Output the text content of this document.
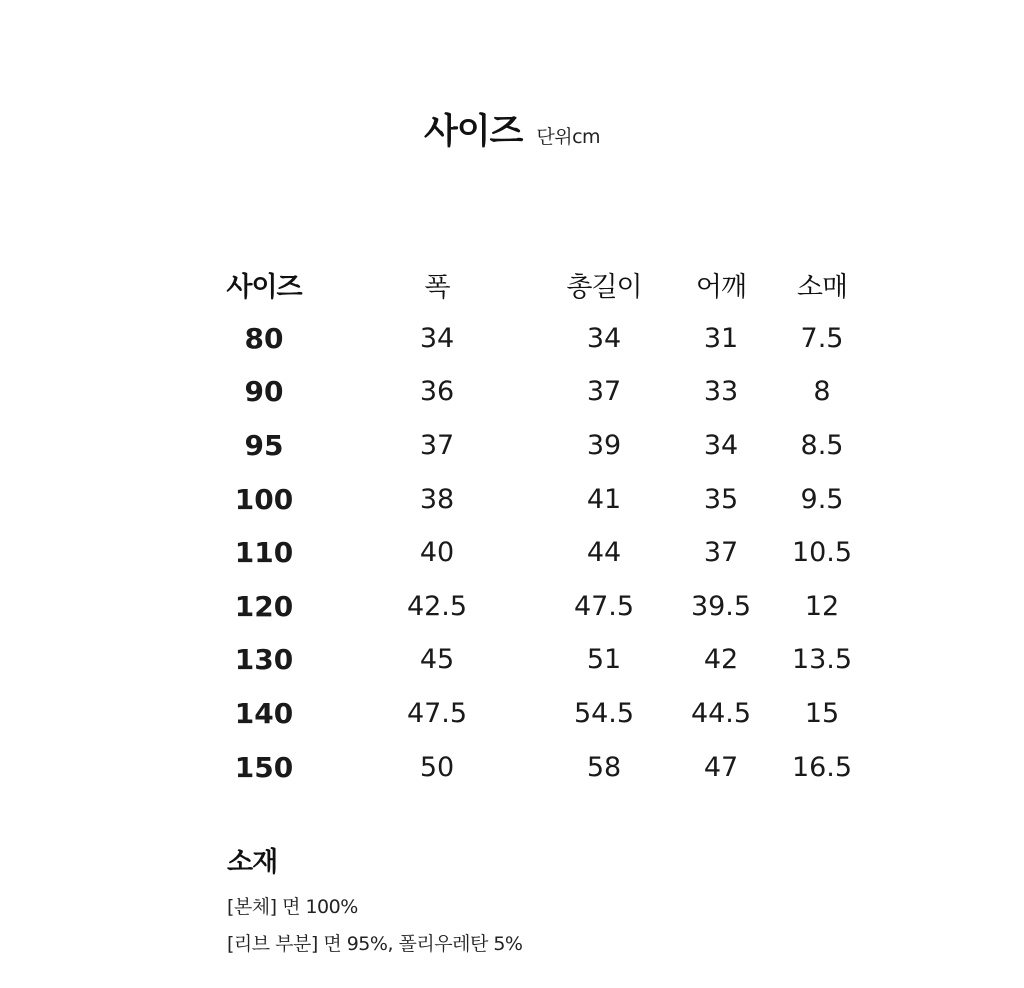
사이즈 단위cm
사이즈	폭	총길이	어깨	소매
80	34	34	31	7.5
90	36	37	33	8
95	37	39	34	8.5
100	38	41	35	9.5
110	40	44	37	10.5
120	42.5	47.5	39.5	12
130	45	51	42	13.5
140	47.5	54.5	44.5	15
150	50	58	47	16.5
소재
[본체] 면 100%
[리브 부분] 면 95%, 폴리우레탄 5%
